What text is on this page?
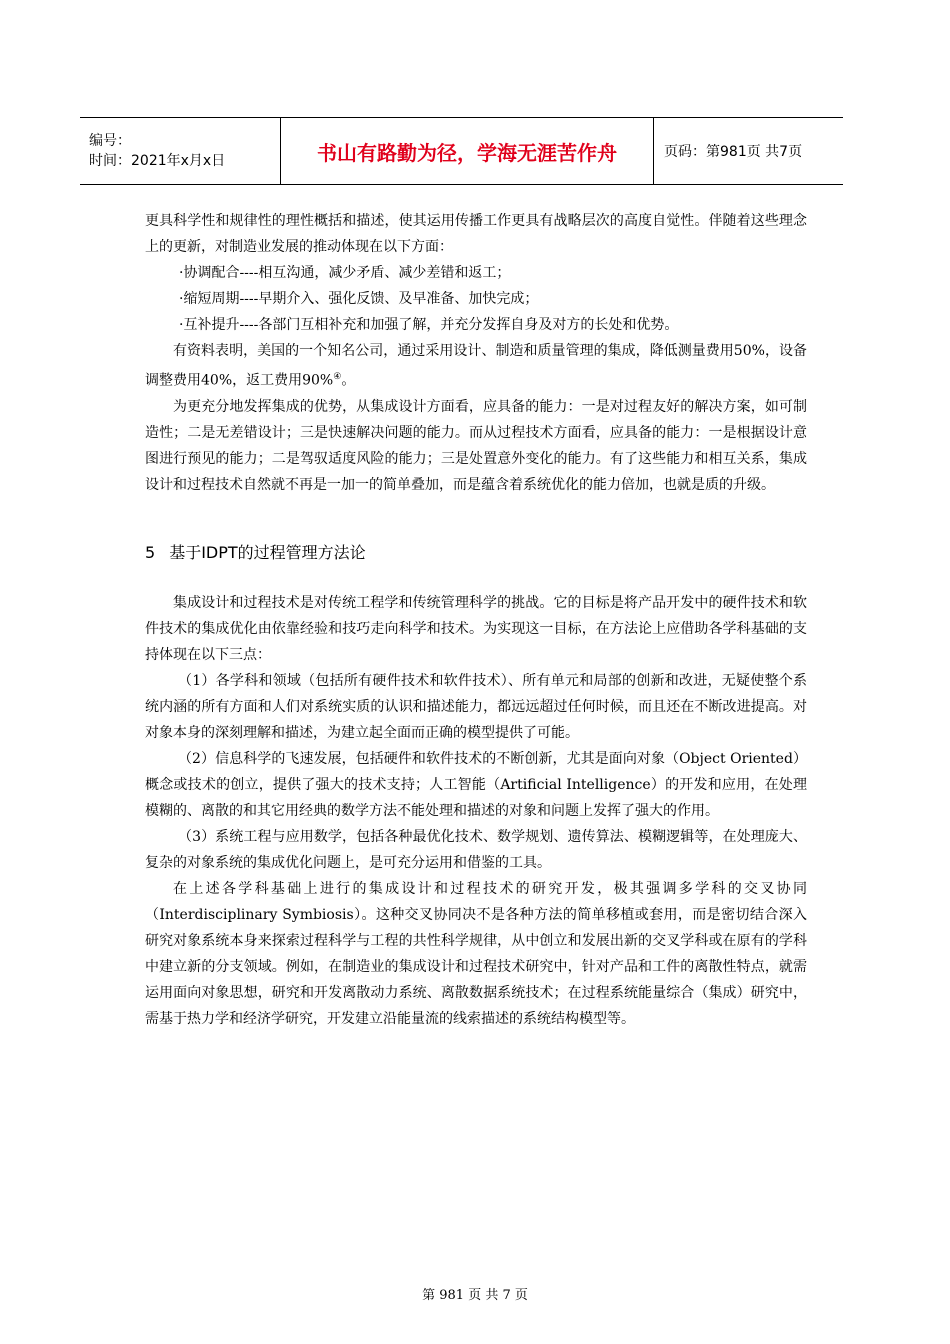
编号：
时间：2021年x月x日	书山有路勤为径，学海无涯苦作舟	页码：第981页 共7页

更具科学性和规律性的理性概括和描述，使其运用传播工作更具有战略层次的高度自觉性。伴随着这些理念上的更新，对制造业发展的推动体现在以下方面：

·协调配合----相互沟通，减少矛盾、减少差错和返工；

·缩短周期----早期介入、强化反馈、及早准备、加快完成；

·互补提升----各部门互相补充和加强了解，并充分发挥自身及对方的长处和优势。

有资料表明，美国的一个知名公司，通过采用设计、制造和质量管理的集成，降低测量费用50%，设备调整费用40%，返工费用90%④。

为更充分地发挥集成的优势，从集成设计方面看，应具备的能力：一是对过程友好的解决方案，如可制造性；二是无差错设计；三是快速解决问题的能力。而从过程技术方面看，应具备的能力：一是根据设计意图进行预见的能力；二是驾驭适度风险的能力；三是处置意外变化的能力。有了这些能力和相互关系，集成设计和过程技术自然就不再是一加一的简单叠加，而是蕴含着系统优化的能力倍加，也就是质的升级。

5 基于IDPT的过程管理方法论

集成设计和过程技术是对传统工程学和传统管理科学的挑战。它的目标是将产品开发中的硬件技术和软件技术的集成优化由依靠经验和技巧走向科学和技术。为实现这一目标，在方法论上应借助各学科基础的支持体现在以下三点：

（1）各学科和领域（包括所有硬件技术和软件技术）、所有单元和局部的创新和改进，无疑使整个系统内涵的所有方面和人们对系统实质的认识和描述能力，都远远超过任何时候，而且还在不断改进提高。对对象本身的深刻理解和描述，为建立起全面而正确的模型提供了可能。

（2）信息科学的飞速发展，包括硬件和软件技术的不断创新，尤其是面向对象（Object Oriented）概念或技术的创立，提供了强大的技术支持；人工智能（Artificial Intelligence）的开发和应用，在处理模糊的、离散的和其它用经典的数学方法不能处理和描述的对象和问题上发挥了强大的作用。

（3）系统工程与应用数学，包括各种最优化技术、数学规划、遗传算法、模糊逻辑等，在处理庞大、复杂的对象系统的集成优化问题上，是可充分运用和借鉴的工具。

在上述各学科基础上进行的集成设计和过程技术的研究开发，极其强调多学科的交叉协同（Interdisciplinary Symbiosis）。这种交叉协同决不是各种方法的简单移植或套用，而是密切结合深入研究对象系统本身来探索过程科学与工程的共性科学规律，从中创立和发展出新的交叉学科或在原有的学科中建立新的分支领域。例如，在制造业的集成设计和过程技术研究中，针对产品和工件的离散性特点，就需运用面向对象思想，研究和开发离散动力系统、离散数据系统技术；在过程系统能量综合（集成）研究中，需基于热力学和经济学研究，开发建立沿能量流的线索描述的系统结构模型等。

第 981 页 共 7 页
